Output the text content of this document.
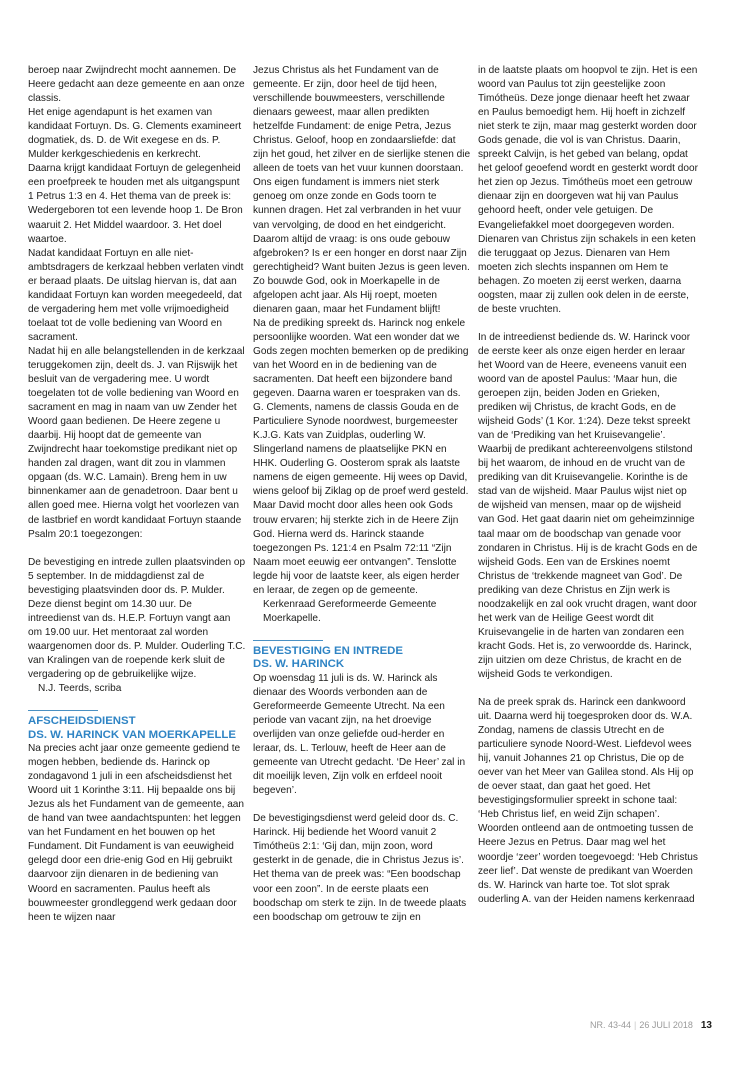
beroep naar Zwijndrecht mocht aannemen. De Heere gedacht aan deze gemeente en aan onze classis.

Het enige agendapunt is het examen van kandidaat Fortuyn. Ds. G. Clements examineert dogmatiek, ds. D. de Wit exegese en ds. P. Mulder kerkgeschiedenis en kerkrecht.

Daarna krijgt kandidaat Fortuyn de gelegenheid een proefpreek te houden met als uitgangspunt 1 Petrus 1:3 en 4. Het thema van de preek is: Wedergeboren tot een levende hoop 1. De Bron waaruit 2. Het Middel waardoor. 3. Het doel waartoe.

Nadat kandidaat Fortuyn en alle niet-ambtsdragers de kerkzaal hebben verlaten vindt er beraad plaats. De uitslag hiervan is, dat aan kandidaat Fortuyn kan worden meegedeeld, dat de vergadering hem met volle vrijmoedigheid toelaat tot de volle bediening van Woord en sacrament.

Nadat hij en alle belangstellenden in de kerkzaal teruggekomen zijn, deelt ds. J. van Rijswijk het besluit van de vergadering mee. U wordt toegelaten tot de volle bediening van Woord en sacrament en mag in naam van uw Zender het Woord gaan bedienen. De Heere zegene u daarbij. Hij hoopt dat de gemeente van Zwijndrecht haar toekomstige predikant niet op handen zal dragen, want dit zou in vlammen opgaan (ds. W.C. Lamain). Breng hem in uw binnenkamer aan de genadetroon. Daar bent u allen goed mee. Hierna volgt het voorlezen van de lastbrief en wordt kandidaat Fortuyn staande Psalm 20:1 toegezongen:

De bevestiging en intrede zullen plaatsvinden op 5 september. In de middagdienst zal de bevestiging plaatsvinden door ds. P. Mulder. Deze dienst begint om 14.30 uur. De intreedienst van ds. H.E.P. Fortuyn vangt aan om 19.00 uur. Het mentoraat zal worden waargenomen door ds. P. Mulder. Ouderling T.C. van Kralingen van de roepende kerk sluit de vergadering op de gebruikelijke wijze.

N.J. Teerds, scriba

AFSCHEIDSDIENST
DS. W. HARINCK VAN MOERKAPELLE

Na precies acht jaar onze gemeente gediend te mogen hebben, bediende ds. Harinck op zondagavond 1 juli in een afscheidsdienst het Woord uit 1 Korinthe 3:11. Hij bepaalde ons bij Jezus als het Fundament van de gemeente, aan de hand van twee aandachtspunten: het leggen van het Fundament en het bouwen op het Fundament. Dit Fundament is van eeuwigheid gelegd door een drie-enig God en Hij gebruikt daarvoor zijn dienaren in de bediening van Woord en sacramenten. Paulus heeft als bouwmeester grondleggend werk gedaan door heen te wijzen naar

Jezus Christus als het Fundament van de gemeente. Er zijn, door heel de tijd heen, verschillende bouwmeesters, verschillende dienaars geweest, maar allen predikten hetzelfde Fundament: de enige Petra, Jezus Christus. Geloof, hoop en zondaarsliefde: dat zijn het goud, het zilver en de sierlijke stenen die alleen de toets van het vuur kunnen doorstaan. Ons eigen fundament is immers niet sterk genoeg om onze zonde en Gods toorn te kunnen dragen. Het zal verbranden in het vuur van vervolging, de dood en het eindgericht. Daarom altijd de vraag: is ons oude gebouw afgebroken? Is er een honger en dorst naar Zijn gerechtigheid? Want buiten Jezus is geen leven. Zo bouwde God, ook in Moerkapelle in de afgelopen acht jaar. Als Hij roept, moeten dienaren gaan, maar het Fundament blijft!

Na de prediking spreekt ds. Harinck nog enkele persoonlijke woorden. Wat een wonder dat we Gods zegen mochten bemerken op de prediking van het Woord en in de bediening van de sacramenten. Dat heeft een bijzondere band gegeven. Daarna waren er toespraken van ds. G. Clements, namens de classis Gouda en de Particuliere Synode noordwest, burgemeester K.J.G. Kats van Zuidplas, ouderling W. Slingerland namens de plaatselijke PKN en HHK. Ouderling G. Oosterom sprak als laatste namens de eigen gemeente. Hij wees op David, wiens geloof bij Ziklag op de proef werd gesteld. Maar David mocht door alles heen ook Gods trouw ervaren; hij sterkte zich in de Heere Zijn God. Hierna werd ds. Harinck staande toegezongen Ps. 121:4 en Psalm 72:11 “Zijn Naam moet eeuwig eer ontvangen”. Tenslotte legde hij voor de laatste keer, als eigen herder en leraar, de zegen op de gemeente.

Kerkenraad Gereformeerde Gemeente Moerkapelle.

BEVESTIGING EN INTREDE
DS. W. HARINCK

Op woensdag 11 juli is ds. W. Harinck als dienaar des Woords verbonden aan de Gereformeerde Gemeente Utrecht. Na een periode van vacant zijn, na het droevige overlijden van onze geliefde oud-herder en leraar, ds. L. Terlouw, heeft de Heer aan de gemeente van Utrecht gedacht. ‘De Heer’ zal in dit moeilijk leven, Zijn volk en erfdeel nooit begeven’.

De bevestigingsdienst werd geleid door ds. C. Harinck. Hij bediende het Woord vanuit 2 Timótheüs 2:1: ‘Gij dan, mijn zoon, word gesterkt in de genade, die in Christus Jezus is’. Het thema van de preek was: “Een boodschap voor een zoon”. In de eerste plaats een boodschap om sterk te zijn. In de tweede plaats een boodschap om getrouw te zijn en

in de laatste plaats om hoopvol te zijn. Het is een woord van Paulus tot zijn geestelijke zoon Timótheüs. Deze jonge dienaar heeft het zwaar en Paulus bemoedigt hem. Hij hoeft in zichzelf niet sterk te zijn, maar mag gesterkt worden door Gods genade, die vol is van Christus. Daarin, spreekt Calvijn, is het gebed van belang, opdat het geloof geoefend wordt en gesterkt wordt door het zien op Jezus. Timótheüs moet een getrouw dienaar zijn en doorgeven wat hij van Paulus gehoord heeft, onder vele getuigen. De Evangeliefakkel moet doorgegeven worden. Dienaren van Christus zijn schakels in een keten die teruggaat op Jezus. Dienaren van Hem moeten zich slechts inspannen om Hem te behagen. Zo moeten zij eerst werken, daarna oogsten, maar zij zullen ook delen in de eerste, de beste vruchten.

In de intreedienst bediende ds. W. Harinck voor de eerste keer als onze eigen herder en leraar het Woord van de Heere, eveneens vanuit een woord van de apostel Paulus: ‘Maar hun, die geroepen zijn, beiden Joden en Grieken, prediken wij Christus, de kracht Gods, en de wijsheid Gods’ (1 Kor. 1:24). Deze tekst spreekt van de ‘Prediking van het Kruisevangelie’. Waarbij de predikant achtereenvolgens stilstond bij het waarom, de inhoud en de vrucht van de prediking van dit Kruisevangelie. Korinthe is de stad van de wijsheid. Maar Paulus wijst niet op de wijsheid van mensen, maar op de wijsheid van God. Het gaat daarin niet om geheimzinnige taal maar om de boodschap van genade voor zondaren in Christus. Hij is de kracht Gods en de wijsheid Gods. Een van de Erskines noemt Christus de ‘trekkende magneet van God’. De prediking van deze Christus en Zijn werk is noodzakelijk en zal ook vrucht dragen, want door het werk van de Heilige Geest wordt dit Kruisevangelie in de harten van zondaren een kracht Gods. Het is, zo verwoordde ds. Harinck, zijn uitzien om deze Christus, de kracht en de wijsheid Gods te verkondigen.

Na de preek sprak ds. Harinck een dankwoord uit. Daarna werd hij toegesproken door ds. W.A. Zondag, namens de classis Utrecht en de particuliere synode Noord-West. Liefdevol wees hij, vanuit Johannes 21 op Christus, Die op de oever van het Meer van Galilea stond. Als Hij op de oever staat, dan gaat het goed. Het bevestigingsformulier spreekt in schone taal: ‘Heb Christus lief, en weid Zijn schapen’. Woorden ontleend aan de ontmoeting tussen de Heere Jezus en Petrus. Daar mag wel het woordje ‘zeer’ worden toegevoegd: ‘Heb Christus zeer lief’. Dat wenste de predikant van Woerden ds. W. Harinck van harte toe. Tot slot sprak ouderling A. van der Heiden namens kerkenraad

NR. 43-44 | 26 JULI 2018 13
